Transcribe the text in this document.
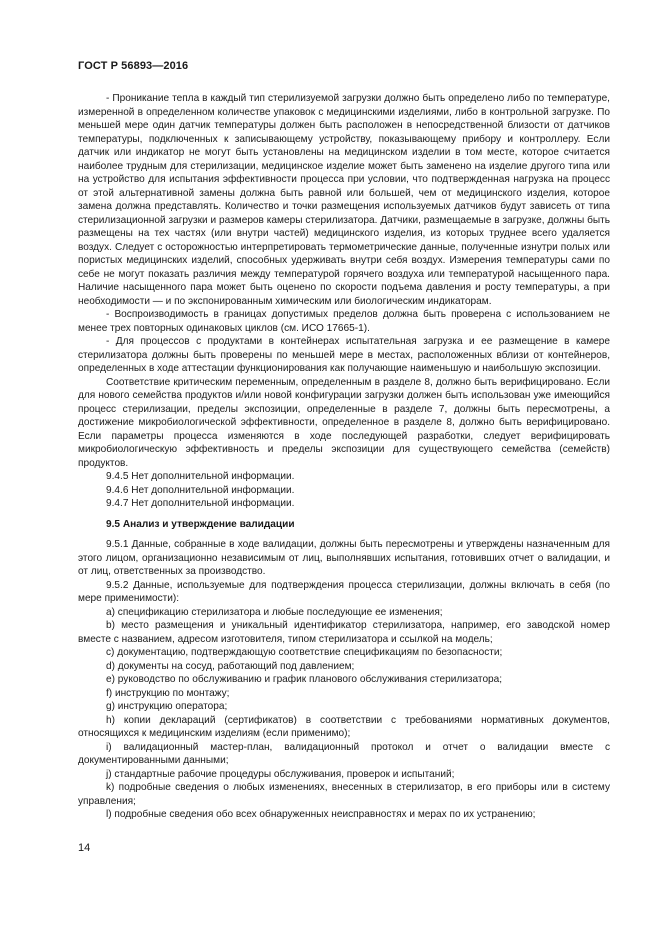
ГОСТ Р 56893—2016

- Проникание тепла в каждый тип стерилизуемой загрузки должно быть определено либо по температуре, измеренной в определенном количестве упаковок с медицинскими изделиями, либо в контрольной загрузке. По меньшей мере один датчик температуры должен быть расположен в непосредственной близости от датчиков температуры, подключенных к записывающему устройству, показывающему прибору и контроллеру. Если датчик или индикатор не могут быть установлены на медицинском изделии в том месте, которое считается наиболее трудным для стерилизации, медицинское изделие может быть заменено на изделие другого типа или на устройство для испытания эффективности процесса при условии, что подтвержденная нагрузка на процесс от этой альтернативной замены должна быть равной или большей, чем от медицинского изделия, которое замена должна представлять. Количество и точки размещения используемых датчиков будут зависеть от типа стерилизационной загрузки и размеров камеры стерилизатора. Датчики, размещаемые в загрузке, должны быть размещены на тех частях (или внутри частей) медицинского изделия, из которых труднее всего удаляется воздух. Следует с осторожностью интерпретировать термометрические данные, полученные изнутри полых или пористых медицинских изделий, способных удерживать внутри себя воздух. Измерения температуры сами по себе не могут показать различия между температурой горячего воздуха или температурой насыщенного пара. Наличие насыщенного пара может быть оценено по скорости подъема давления и росту температуры, а при необходимости — и по экспонированным химическим или биологическим индикаторам.

- Воспроизводимость в границах допустимых пределов должна быть проверена с использованием не менее трех повторных одинаковых циклов (см. ИСО 17665-1).

- Для процессов с продуктами в контейнерах испытательная загрузка и ее размещение в камере стерилизатора должны быть проверены по меньшей мере в местах, расположенных вблизи от контейнеров, определенных в ходе аттестации функционирования как получающие наименьшую и наибольшую экспозиции.

Соответствие критическим переменным, определенным в разделе 8, должно быть верифицировано. Если для нового семейства продуктов и/или новой конфигурации загрузки должен быть использован уже имеющийся процесс стерилизации, пределы экспозиции, определенные в разделе 7, должны быть пересмотрены, а достижение микробиологической эффективности, определенное в разделе 8, должно быть верифицировано. Если параметры процесса изменяются в ходе последующей разработки, следует верифицировать микробиологическую эффективность и пределы экспозиции для существующего семейства (семейств) продуктов.

9.4.5 Нет дополнительной информации.

9.4.6 Нет дополнительной информации.

9.4.7 Нет дополнительной информации.

9.5 Анализ и утверждение валидации

9.5.1 Данные, собранные в ходе валидации, должны быть пересмотрены и утверждены назначенным для этого лицом, организационно независимым от лиц, выполнявших испытания, готовивших отчет о валидации, и от лиц, ответственных за производство.

9.5.2 Данные, используемые для подтверждения процесса стерилизации, должны включать в себя (по мере применимости):

a) спецификацию стерилизатора и любые последующие ее изменения;

b) место размещения и уникальный идентификатор стерилизатора, например, его заводской номер вместе с названием, адресом изготовителя, типом стерилизатора и ссылкой на модель;

c) документацию, подтверждающую соответствие спецификациям по безопасности;

d) документы на сосуд, работающий под давлением;

e) руководство по обслуживанию и график планового обслуживания стерилизатора;

f) инструкцию по монтажу;

g) инструкцию оператора;

h) копии деклараций (сертификатов) в соответствии с требованиями нормативных документов, относящихся к медицинским изделиям (если применимо);

i) валидационный мастер-план, валидационный протокол и отчет о валидации вместе с документированными данными;

j) стандартные рабочие процедуры обслуживания, проверок и испытаний;

k) подробные сведения о любых изменениях, внесенных в стерилизатор, в его приборы или в систему управления;

l) подробные сведения обо всех обнаруженных неисправностях и мерах по их устранению;

14
